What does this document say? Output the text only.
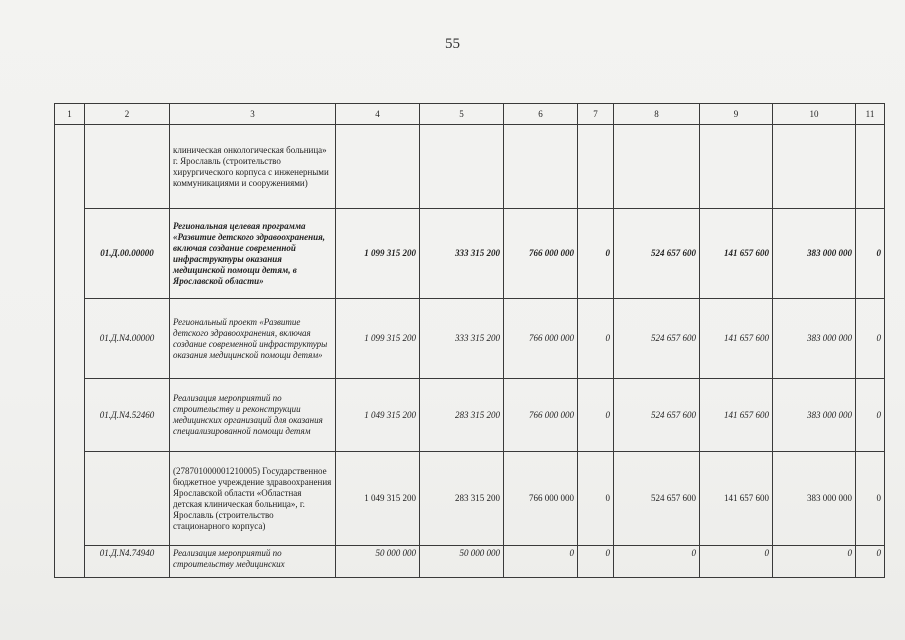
55
1	2	3	4	5	6	7	8	9	10	11
		клиническая онкологическая больница» г. Ярославль (строительство хирургического корпуса с инженерными коммуникациями и сооружениями)								
	01.Д.00.00000	Региональная целевая программа «Развитие детского здравоохранения, включая создание современной инфраструктуры оказания медицинской помощи детям, в Ярославской области»	1 099 315 200	333 315 200	766 000 000	0	524 657 600	141 657 600	383 000 000	0
	01.Д.N4.00000	Региональный проект «Развитие детского здравоохранения, включая создание современной инфраструктуры оказания медицинской помощи детям»	1 099 315 200	333 315 200	766 000 000	0	524 657 600	141 657 600	383 000 000	0
	01.Д.N4.52460	Реализация мероприятий по строительству и реконструкции медицинских организаций для оказания специализированной помощи детям	1 049 315 200	283 315 200	766 000 000	0	524 657 600	141 657 600	383 000 000	0
		(278701000001210005) Государственное бюджетное учреждение здравоохранения Ярославской области «Областная детская клиническая больница», г. Ярославль (строительство стационарного корпуса)	1 049 315 200	283 315 200	766 000 000	0	524 657 600	141 657 600	383 000 000	0
	01.Д.N4.74940	Реализация мероприятий по строительству медицинских	50 000 000	50 000 000	0	0	0	0	0	0
